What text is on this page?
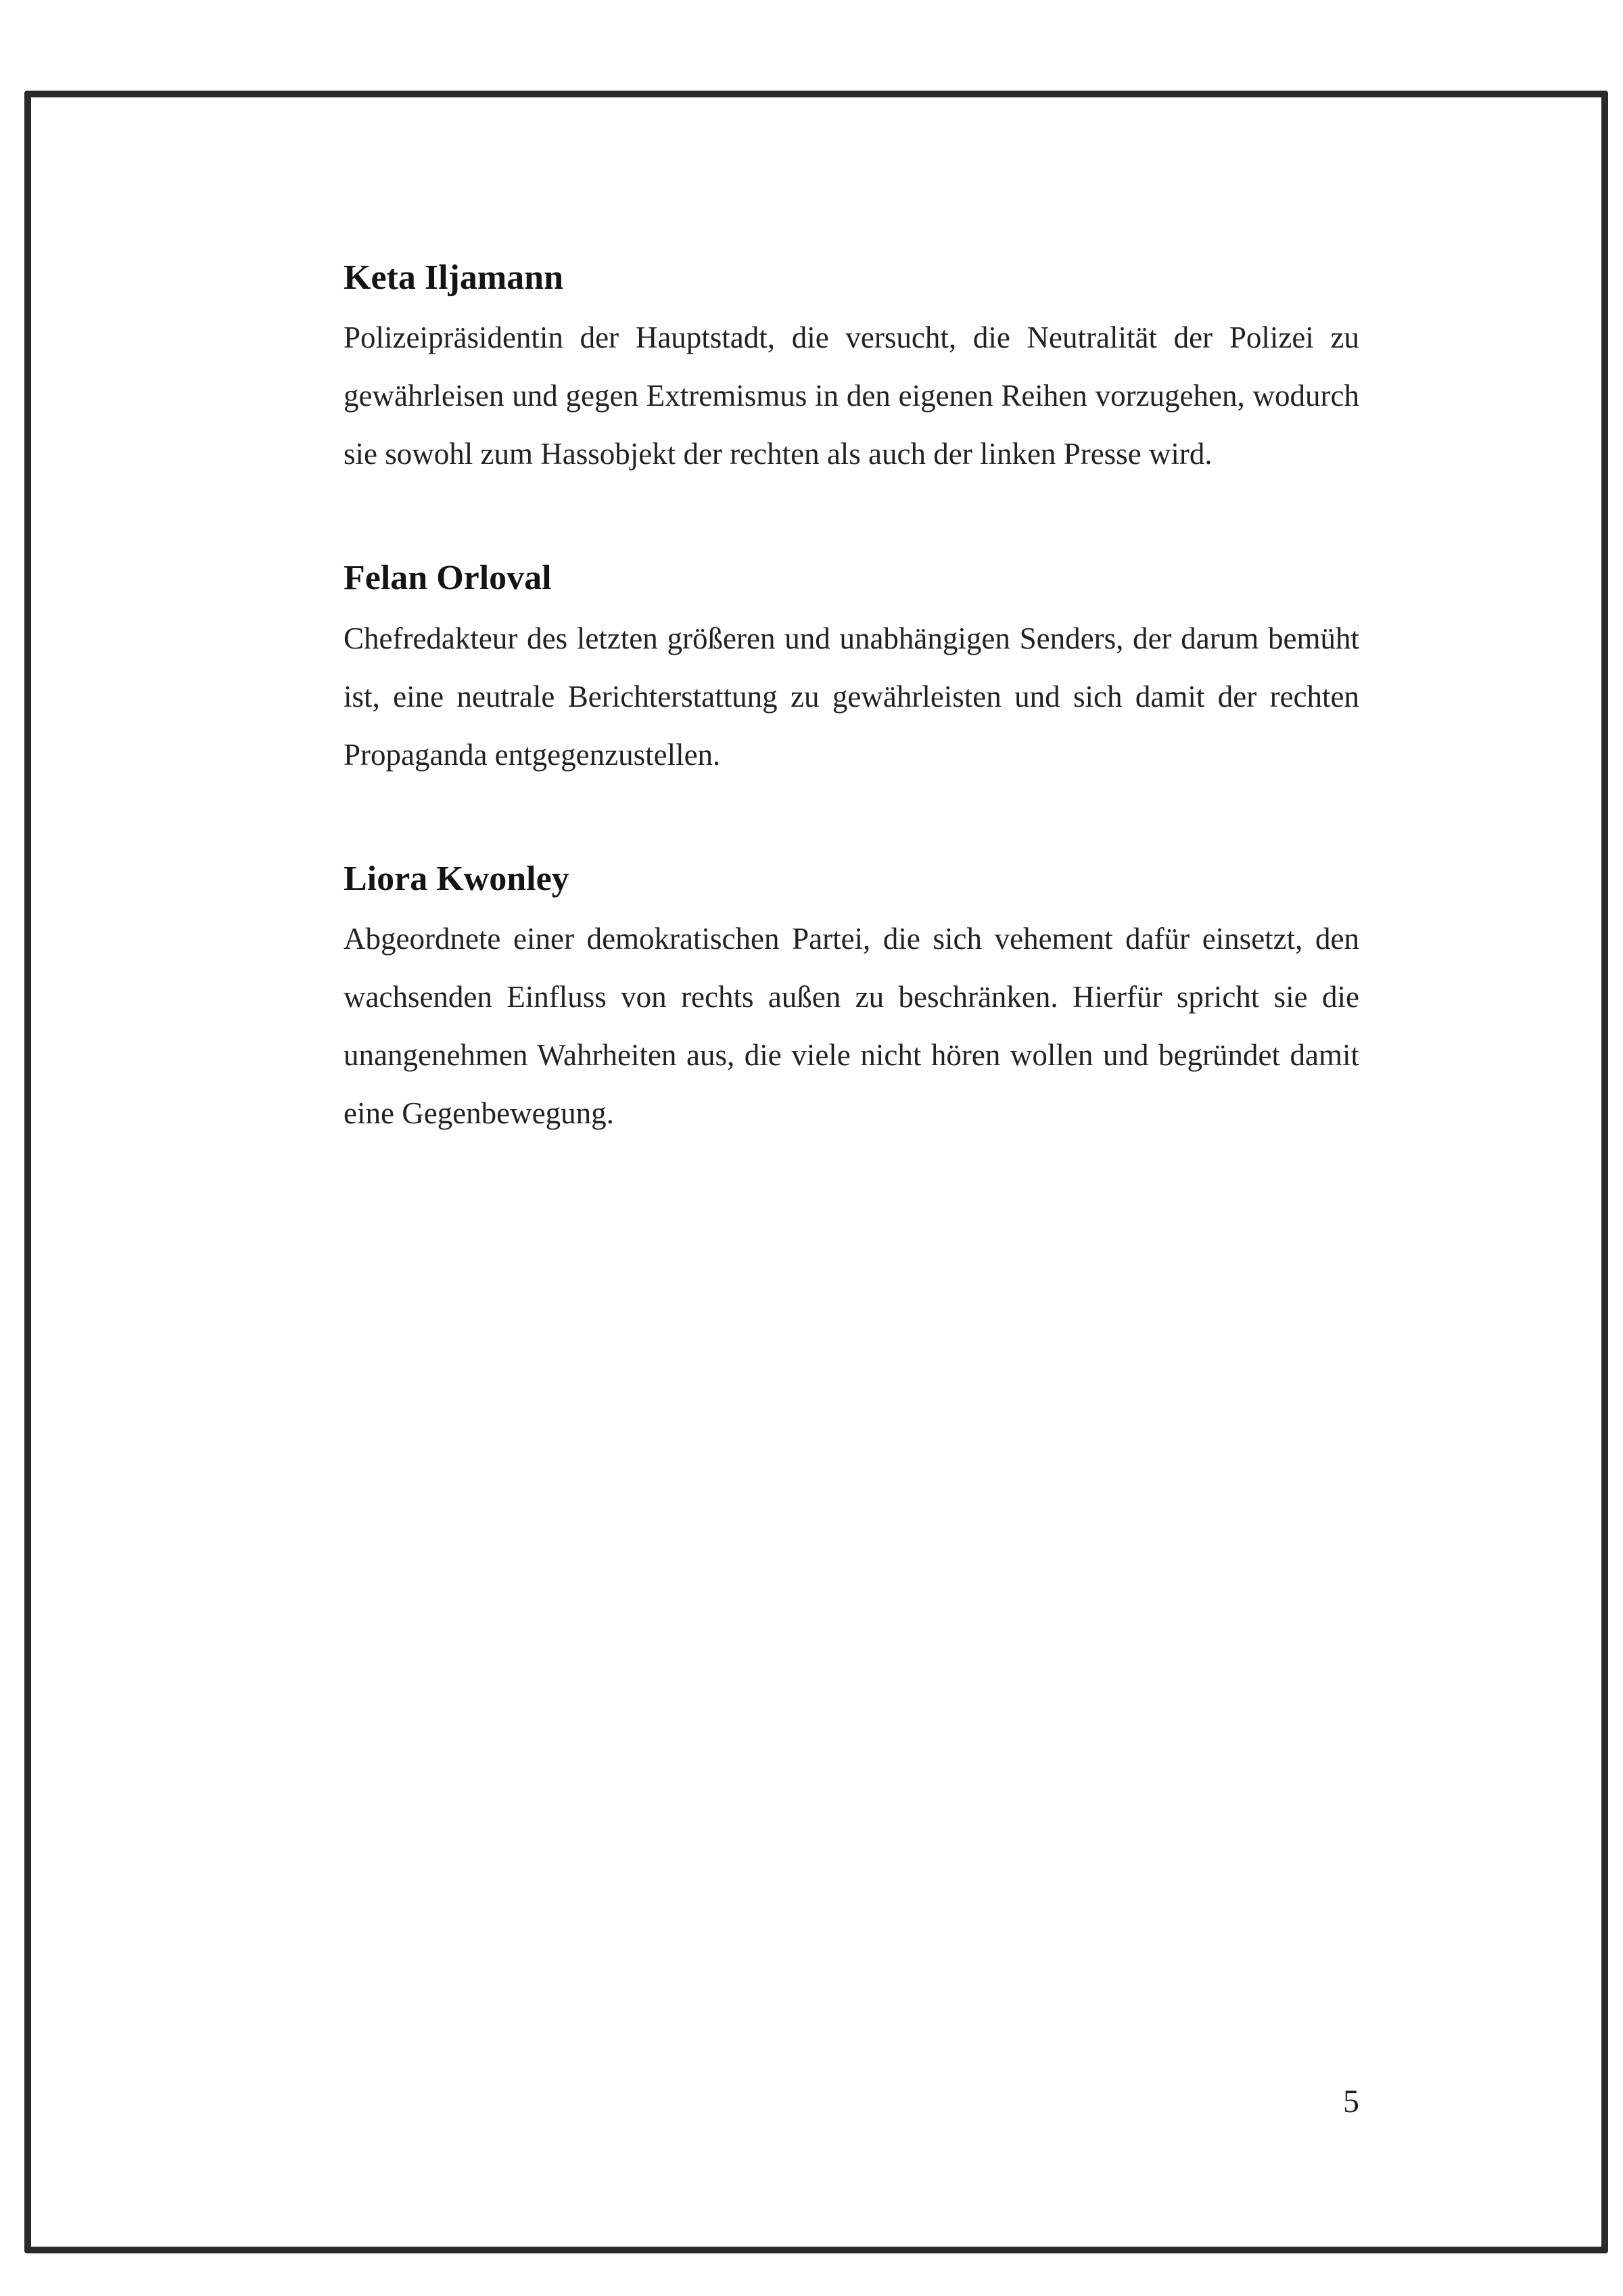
Keta Iljamann

Polizeipräsidentin der Hauptstadt, die versucht, die Neutralität der Polizei zu gewährleisen und gegen Extremismus in den eigenen Reihen vorzugehen, wodurch sie sowohl zum Hassobjekt der rechten als auch der linken Presse wird.

Felan Orloval

Chefredakteur des letzten größeren und unabhängigen Senders, der darum bemüht ist, eine neutrale Berichterstattung zu gewährleisten und sich damit der rechten Propaganda entgegenzustellen.

Liora Kwonley

Abgeordnete einer demokratischen Partei, die sich vehement dafür einsetzt, den wachsenden Einfluss von rechts außen zu beschränken. Hierfür spricht sie die unangenehmen Wahrheiten aus, die viele nicht hören wollen und begründet damit eine Gegenbewegung.

5
